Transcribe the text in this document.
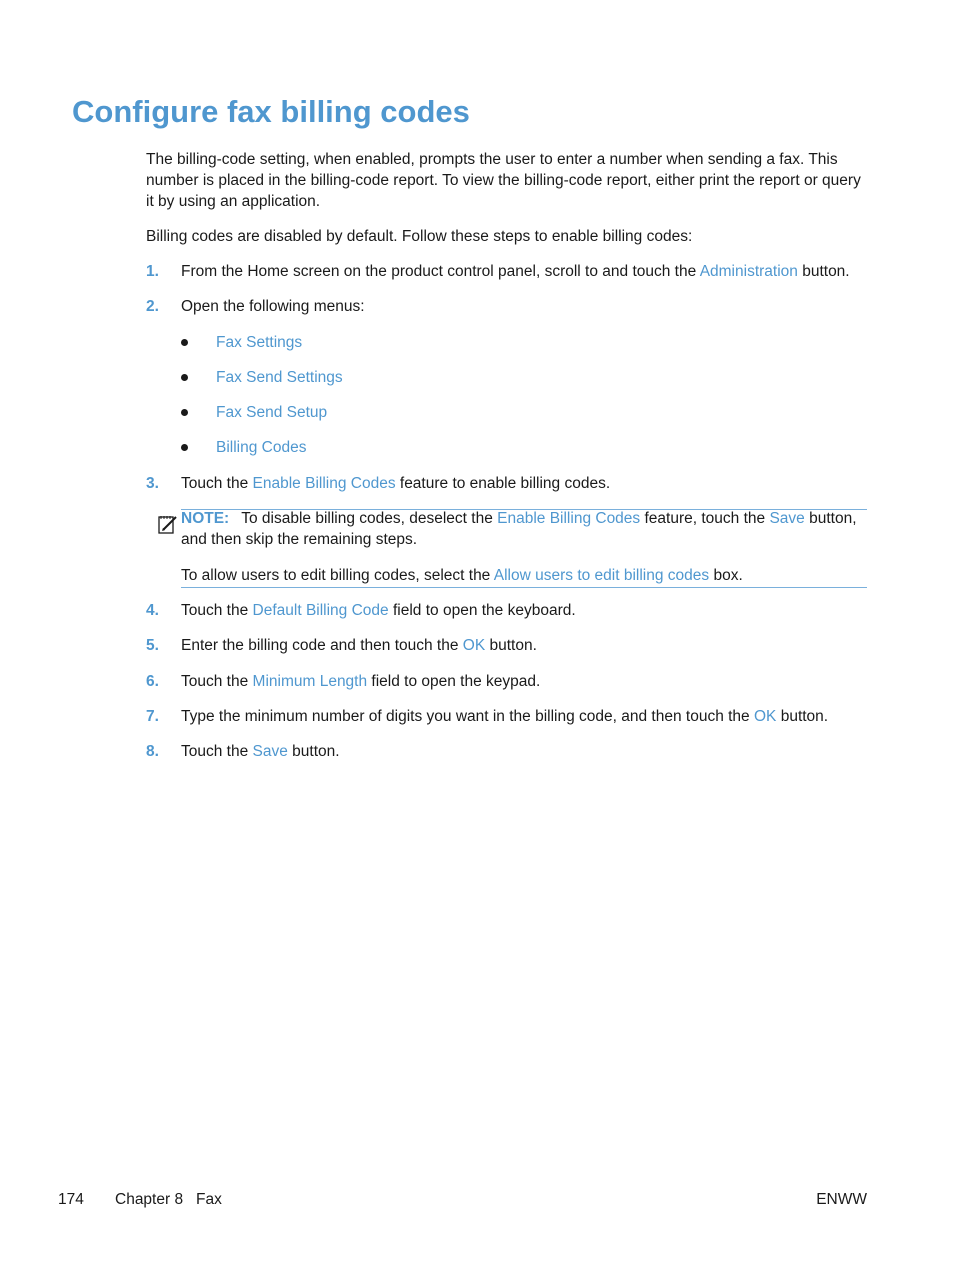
Configure fax billing codes

The billing-code setting, when enabled, prompts the user to enter a number when sending a fax. This number is placed in the billing-code report. To view the billing-code report, either print the report or query it by using an application.

Billing codes are disabled by default. Follow these steps to enable billing codes:

1.	From the Home screen on the product control panel, scroll to and touch the Administration button.
2.	Open the following menus:
Fax Settings
Fax Send Settings
Fax Send Setup
Billing Codes
3.	Touch the Enable Billing Codes feature to enable billing codes.
NOTE: To disable billing codes, deselect the Enable Billing Codes feature, touch the Save button, and then skip the remaining steps.
To allow users to edit billing codes, select the Allow users to edit billing codes box.
4.	Touch the Default Billing Code field to open the keyboard.
5.	Enter the billing code and then touch the OK button.
6.	Touch the Minimum Length field to open the keypad.
7.	Type the minimum number of digits you want in the billing code, and then touch the OK button.
8.	Touch the Save button.
174 Chapter 8   Fax	ENWW
